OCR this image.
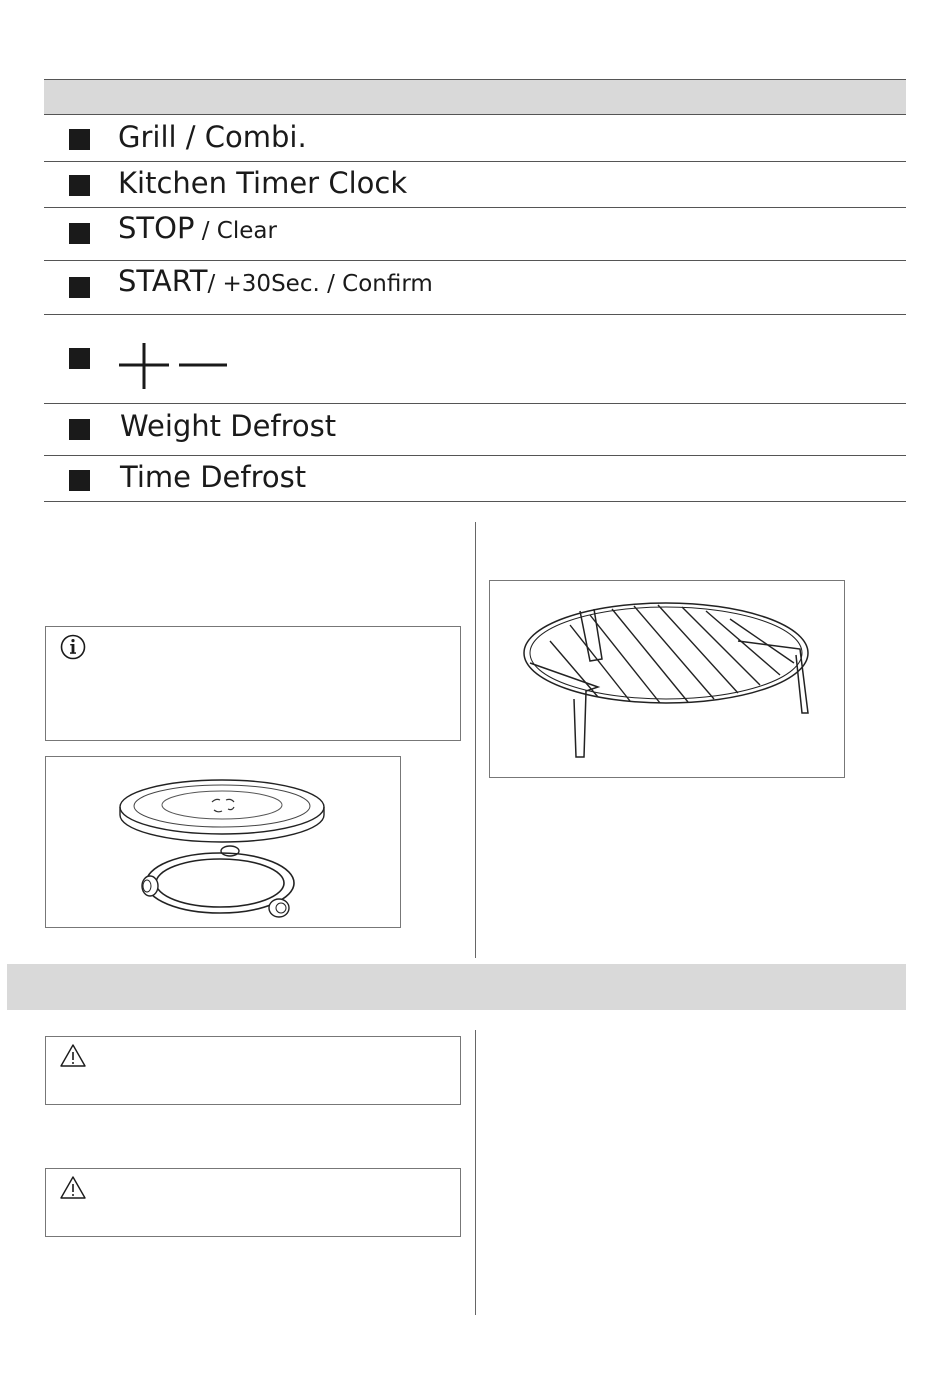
Grill / Combi.
Kitchen Timer Clock
STOP / Clear
START/ +30Sec. / Confirm
Weight Defrost
Time Defrost
